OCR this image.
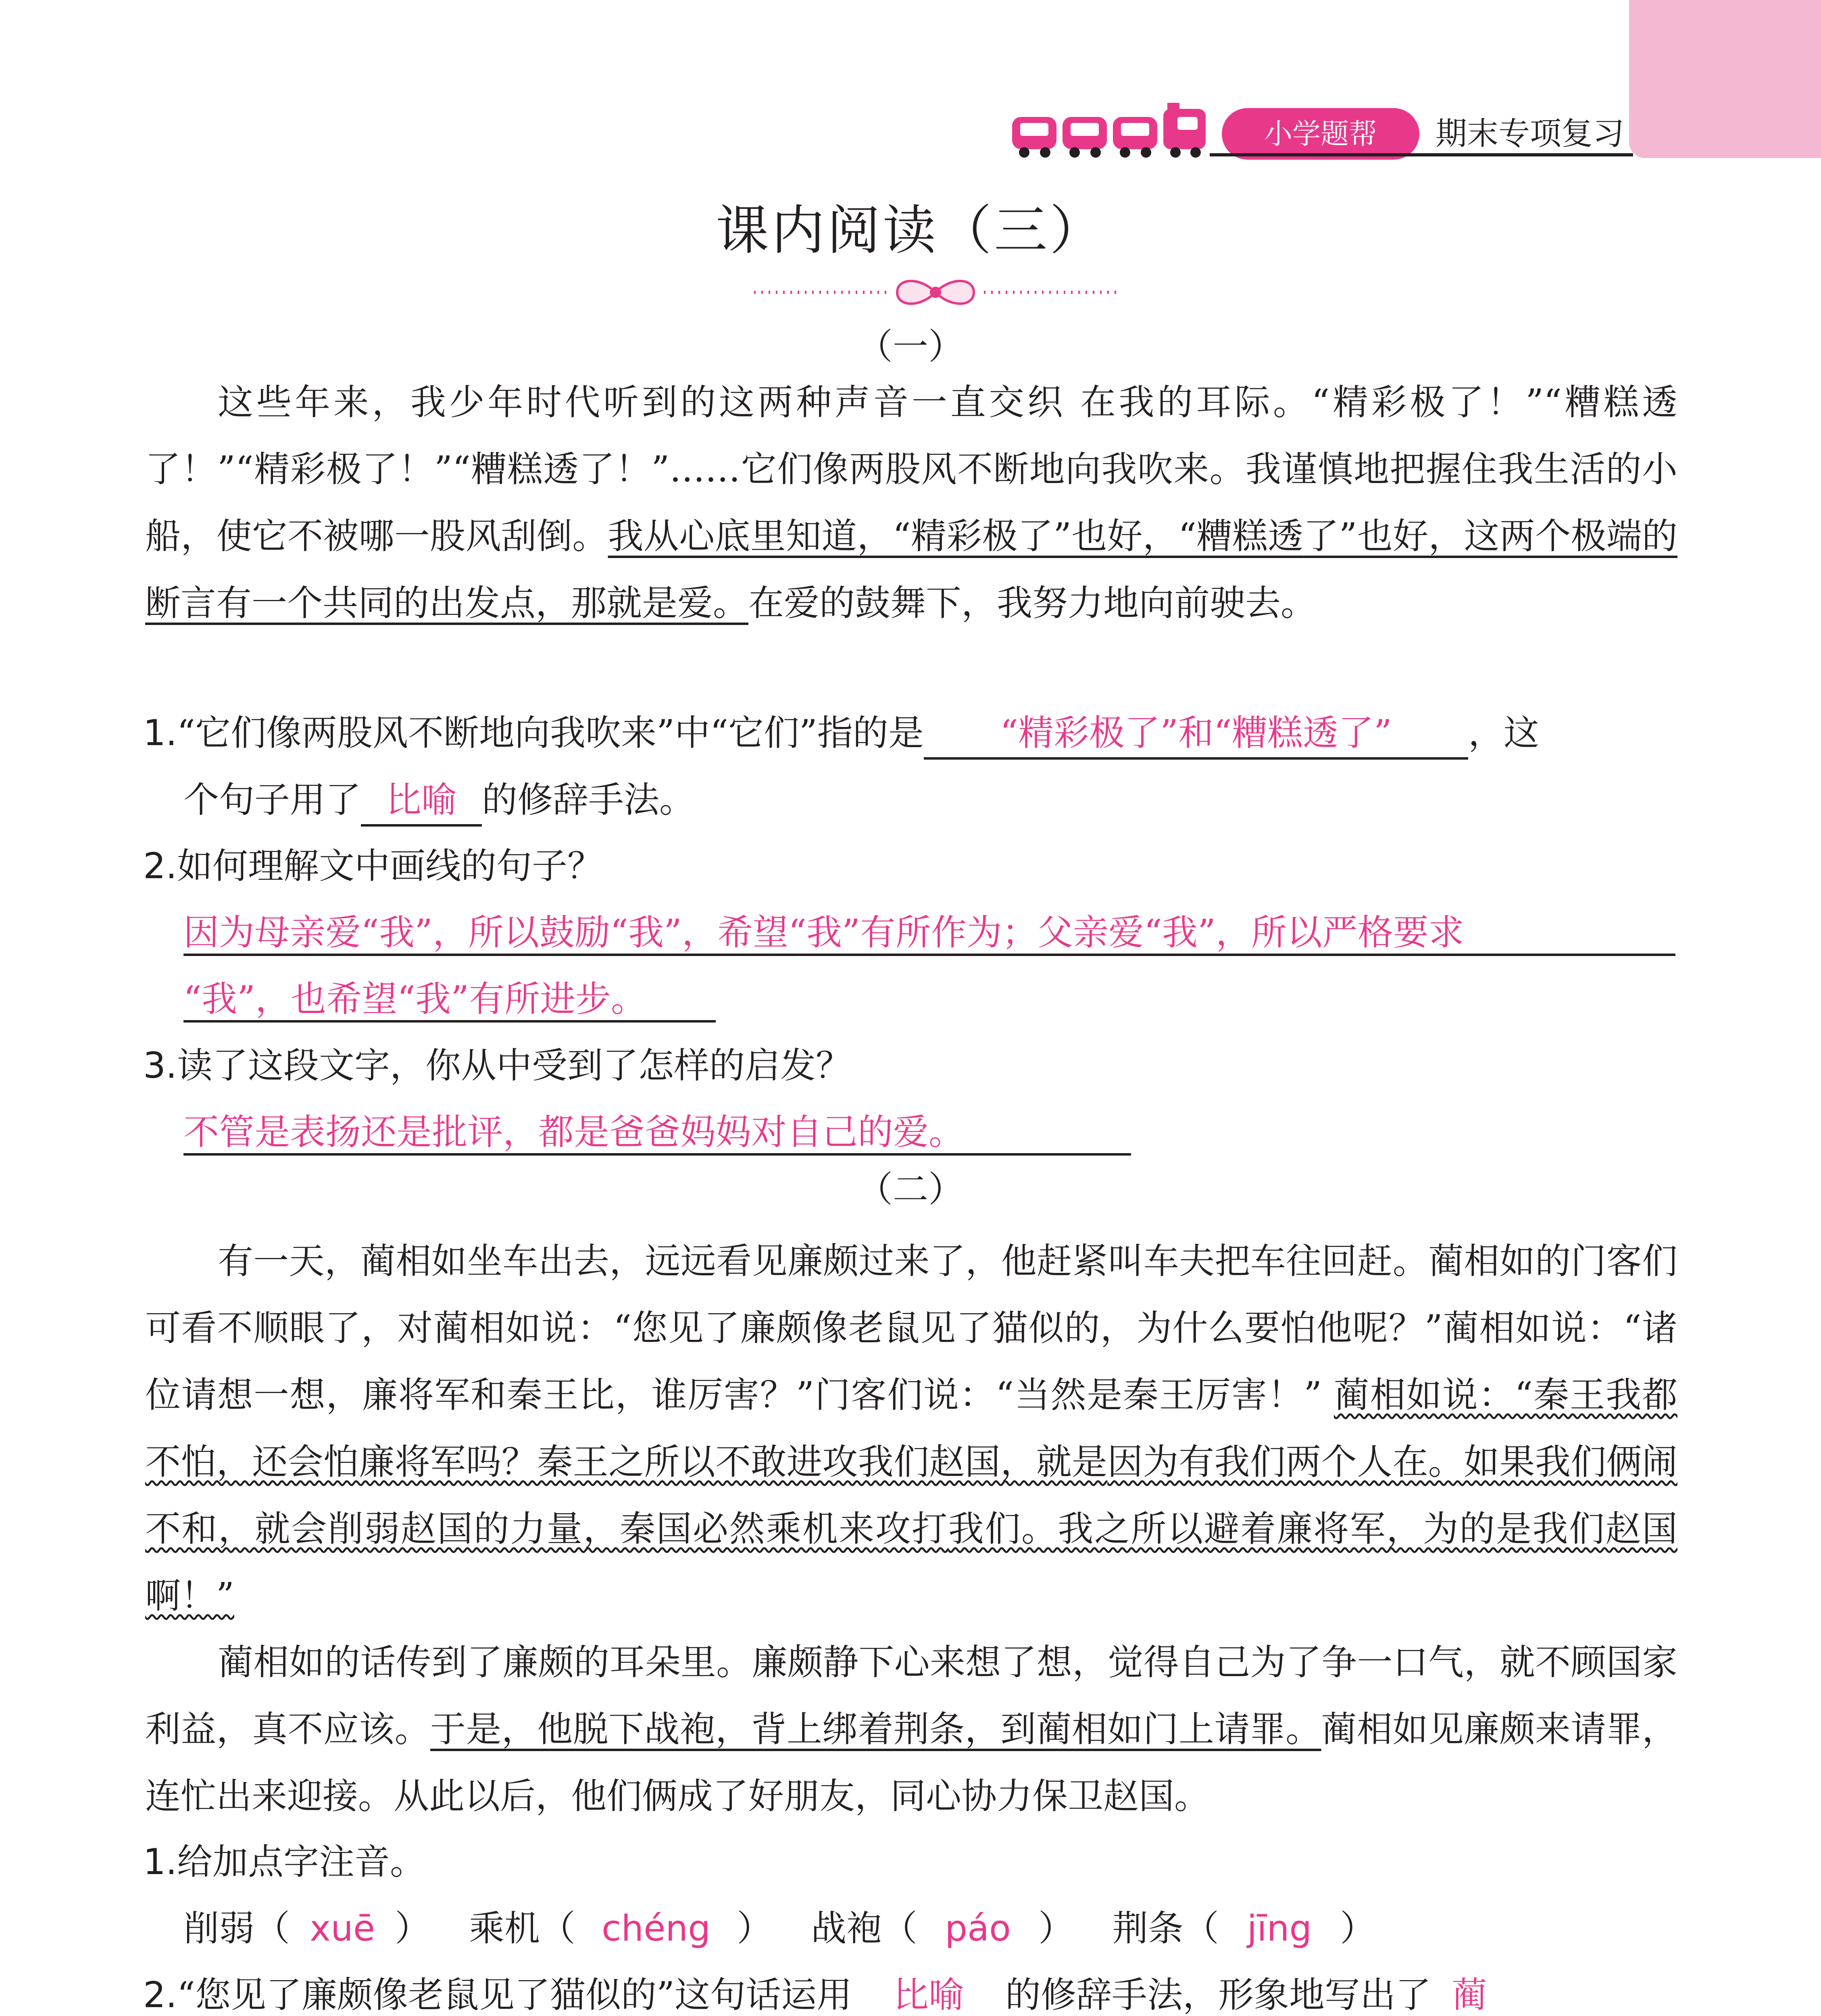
小学题帮	期末专项复习
课内阅读（三）
（一）

这些年来，我少年时代听到的这两种声音一直交织 在我的耳际。“精彩极了！”“糟糕透了！”“精彩极了！”“糟糕透了！”……它们像两股风不断地向我吹来。我谨慎地把握住我生活的小船，使它不被哪一股风刮倒。我从心底里知道，“精彩极了”也好，“糟糕透了”也好，这两个极端的断言有一个共同的出发点，那就是爱。在爱的鼓舞下，我努力地向前驶去。

1.“它们像两股风不断地向我吹来”中“它们”指的是 “精彩极了”和“糟糕透了” ，这
个句子用了 比喻 的修辞手法。
2.如何理解文中画线的句子？
因为母亲爱“我”，所以鼓励“我”，希望“我”有所作为；父亲爱“我”，所以严格要求
“我”，也希望“我”有所进步。
3.读了这段文字，你从中受到了怎样的启发？
不管是表扬还是批评，都是爸爸妈妈对自己的爱。
（二）

有一天，蔺相如坐车出去，远远看见廉颇过来了，他赶紧叫车夫把车往回赶。蔺相如的门客们可看不顺眼了，对蔺相如说：“您见了廉颇像老鼠见了猫似的，为什么要怕他呢？”蔺相如说：“诸位请想一想，廉将军和秦王比，谁厉害？”门客们说：“当然是秦王厉害！” 蔺相如说：“秦王我都不怕，还会怕廉将军吗？秦王之所以不敢进攻我们赵国，就是因为有我们两个人在。如果我们俩闹不和，就会削弱赵国的力量，秦国必然乘机来攻打我们。我之所以避着廉将军，为的是我们赵国啊！”

蔺相如的话传到了廉颇的耳朵里。廉颇静下心来想了想，觉得自己为了争一口气，就不顾国家利益，真不应该。于是，他脱下战袍，背上绑着荆条，到蔺相如门上请罪。蔺相如见廉颇来请罪，连忙出来迎接。从此以后，他们俩成了好朋友，同心协力保卫赵国。

1.给加点字注音。
削弱（ xuē ） 乘机（ chéng ） 战袍（ páo ） 荆条（ jīng ）
2.“您见了廉颇像老鼠见了猫似的”这句话运用 比喻 的修辞手法，形象地写出了 蔺
